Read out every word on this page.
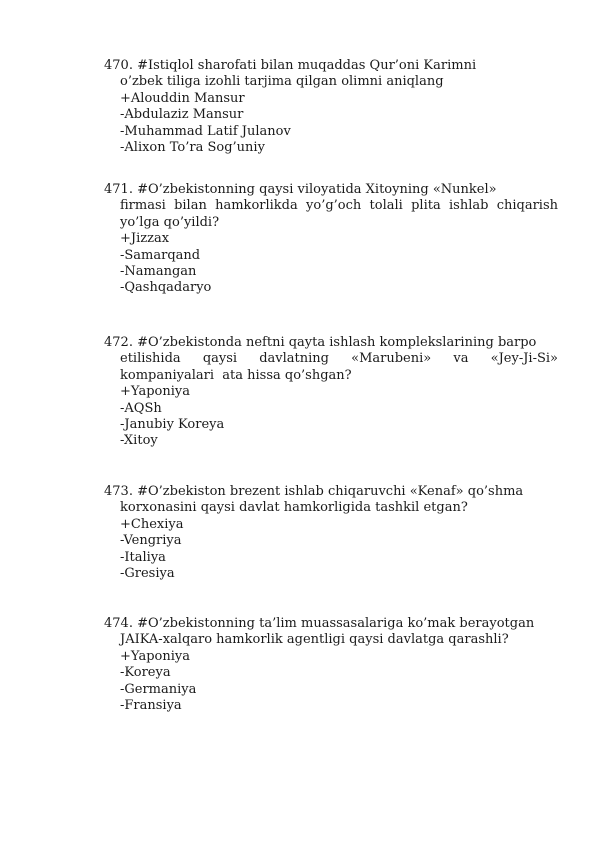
470. #Istiqlol sharofati bilan muqaddas Qur’oni Karimni
o’zbek tiliga izohli tarjima qilgan olimni aniqlang
+Alouddin Mansur
-Abdulaziz Mansur
-Muhammad Latif Julanov
-Alixon To’ra Sog’uniy
471. #O’zbekistonning qaysi viloyatida Xitoyning «Nunkel»
firmasi bilan hamkorlikda yo’g’och tolali plita ishlab chiqarish
yo’lga qo’yildi?
+Jizzax
-Samarqand
-Namangan
-Qashqadaryo
472. #O’zbekistonda neftni qayta ishlash komplekslarining barpo
etilishida qaysi davlatning «Marubeni» va «Jey-Ji-Si»
kompaniyalari  ata hissa qo’shgan?
+Yaponiya
-AQSh
-Janubiy Koreya
-Xitoy
473. #O’zbekiston brezent ishlab chiqaruvchi «Kenaf» qo’shma
korxonasini qaysi davlat hamkorligida tashkil etgan?
+Chexiya
-Vengriya
-Italiya
-Gresiya
474. #O’zbekistonning ta’lim muassasalariga ko’mak berayotgan
JAIKA-xalqaro hamkorlik agentligi qaysi davlatga qarashli?
+Yaponiya
-Koreya
-Germaniya
-Fransiya
